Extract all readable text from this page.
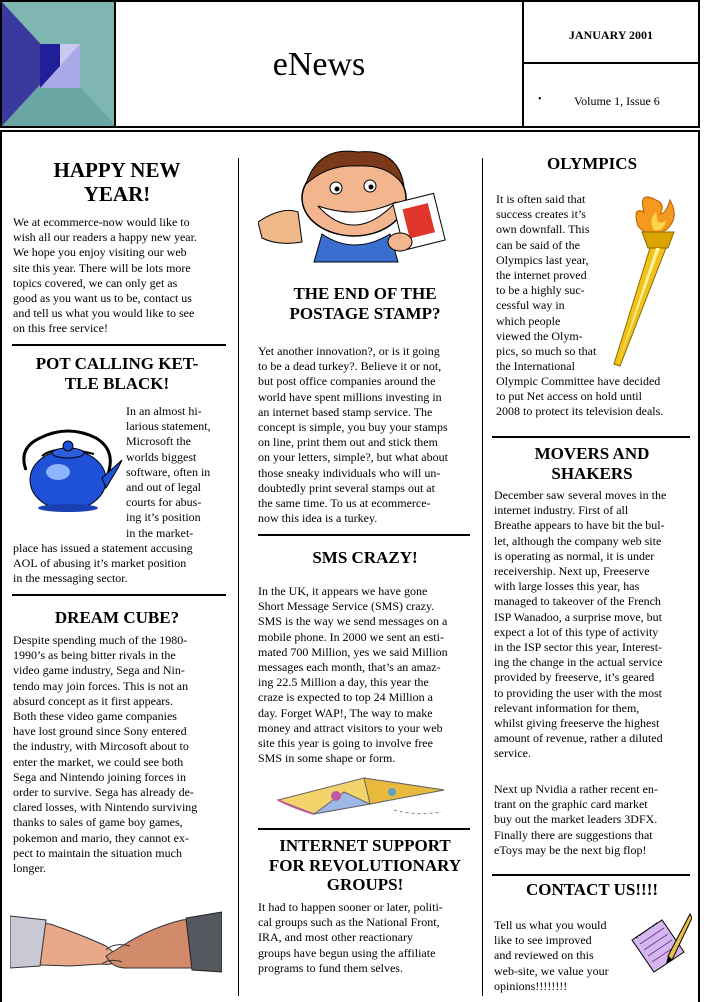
eNews
JANUARY 2001
•	Volume 1, Issue 6
HAPPY NEW
YEAR!
We at ecommerce-now would like to
wish all our readers a happy new year.
We hope you enjoy visiting our web
site this year. There will be lots more
topics covered, we can only get as
good as you want us to be, contact us
and tell us what you would like to see
on this free service!
POT CALLING KET-
TLE BLACK!
In an almost hi-
larious statement,
Microsoft the
worlds biggest
software, often in
and out of legal
courts for abus-
ing it’s position
in the market-
place has issued a statement accusing
AOL of abusing it’s market position
in the messaging sector.
DREAM CUBE?
Despite spending much of the 1980-
1990’s as being bitter rivals in the
video game industry, Sega and Nin-
tendo may join forces. This is not an
absurd concept as it first appears.
Both these video game companies
have lost ground since Sony entered
the industry, with Mircosoft about to
enter the market, we could see both
Sega and Nintendo joining forces in
order to survive. Sega has already de-
clared losses, with Nintendo surviving
thanks to sales of game boy games,
pokemon and mario, they cannot ex-
pect to maintain the situation much
longer.
THE END OF THE
POSTAGE STAMP?
Yet another innovation?, or is it going
to be a dead turkey?. Believe it or not,
but post office companies around the
world have spent millions investing in
an internet based stamp service. The
concept is simple, you buy your stamps
on line, print them out and stick them
on your letters, simple?, but what about
those sneaky individuals who will un-
doubtedly print several stamps out at
the same time. To us at ecommerce-
now this idea is a turkey.
SMS CRAZY!
In the UK, it appears we have gone
Short Message Service (SMS) crazy.
SMS is the way we send messages on a
mobile phone. In 2000 we sent an esti-
mated 700 Million, yes we said Million
messages each month, that’s an amaz-
ing 22.5 Million a day, this year the
craze is expected to top 24 Million a
day. Forget WAP!, The way to make
money and attract visitors to your web
site this year is going to involve free
SMS in some shape or form.
INTERNET SUPPORT
FOR REVOLUTIONARY
GROUPS!
It had to happen sooner or later, politi-
cal groups such as the National Front,
IRA, and most other reactionary
groups have begun using the affiliate
programs to fund them selves.
OLYMPICS
It is often said that
success creates it’s
own downfall. This
can be said of the
Olympics last year,
the internet proved
to be a highly suc-
cessful way in
which people
viewed the Olym-
pics, so much so that
the International
Olympic Committee have decided
to put Net access on hold until
2008 to protect its television deals.
MOVERS AND
SHAKERS
December saw several moves in the
internet industry. First of all
Breathe appears to have bit the bul-
let, although the company web site
is operating as normal, it is under
receivership. Next up, Freeserve
with large losses this year, has
managed to takeover of the French
ISP Wanadoo, a surprise move, but
expect a lot of this type of activity
in the ISP sector this year, Interest-
ing the change in the actual service
provided by freeserve, it’s geared
to providing the user with the most
relevant information for them,
whilst giving freeserve the highest
amount of revenue, rather a diluted
service.
Next up Nvidia a rather recent en-
trant on the graphic card market
buy out the market leaders 3DFX.
Finally there are suggestions that
eToys may be the next big flop!
CONTACT US!!!!
Tell us what you would
like to see improved
and reviewed on this
web-site, we value your
opinions!!!!!!!!
